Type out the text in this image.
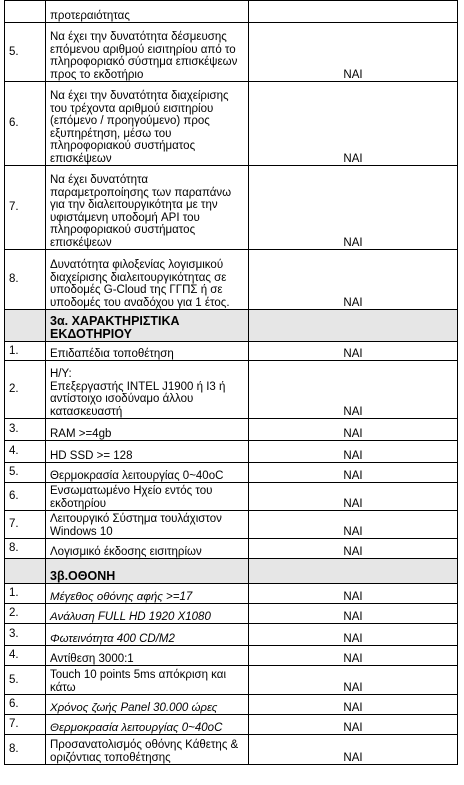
	προτεραιότητας	
5.	Να έχει την δυνατότητα δέσμευσης επόμενου αριθμού εισιτηρίου από το πληροφοριακό σύστημα επισκέψεων προς το εκδοτήριο	ΝΑΙ
6.	Να έχει την δυνατότητα διαχείρισης του τρέχοντα αριθμού εισιτηρίου (επόμενο / προηγούμενο) προς εξυπηρέτηση, μέσω του πληροφοριακού συστήματος επισκέψεων	ΝΑΙ
7.	Να έχει δυνατότητα παραμετροποίησης των παραπάνω για την διαλειτουργικότητα με την υφιστάμενη υποδομή API του πληροφοριακού συστήματος επισκέψεων	ΝΑΙ
8.	Δυνατότητα φιλοξενίας λογισμικού διαχείρισης διαλειτουργικότητας σε υποδομές G-Cloud της ΓΓΠΣ ή σε υποδομές του αναδόχου για 1 έτος.	ΝΑΙ
	3α. ΧΑΡΑΚΤΗΡΙΣΤΙΚΑ ΕΚΔΟΤΗΡΙΟΥ	
1.	Επιδαπέδια τοποθέτηση	ΝΑΙ
2.	Η/Υ:
Επεξεργαστής INTEL J1900 ή I3 ή αντίστοιχο ισοδύναμο άλλου κατασκευαστή	ΝΑΙ
3.	RAM >=4gb	ΝΑΙ
4.	HD SSD >= 128	ΝΑΙ
5.	Θερμοκρασία λειτουργίας 0~40oC	ΝΑΙ
6.	Ενσωματωμένο Ηχείο εντός του εκδοτηρίου	ΝΑΙ
7.	Λειτουργικό Σύστημα τουλάχιστον Windows 10	ΝΑΙ
8.	Λογισμικό έκδοσης εισιτηρίων	ΝΑΙ
	3β.ΟΘΟΝΗ	
1.	Μέγεθος οθόνης αφής >=17	ΝΑΙ
2.	Ανάλυση FULL HD 1920 X1080	ΝΑΙ
3.	Φωτεινότητα 400 CD/M2	ΝΑΙ
4.	Αντίθεση 3000:1	ΝΑΙ
5.	Touch 10 points 5ms απόκριση και κάτω	ΝΑΙ
6.	Χρόνος ζωής Panel 30.000 ώρες	ΝΑΙ
7.	Θερμοκρασία λειτουργίας 0~40oC	ΝΑΙ
8.	Προσανατολισμός οθόνης Κάθετης & οριζόντιας τοποθέτησης	ΝΑΙ
